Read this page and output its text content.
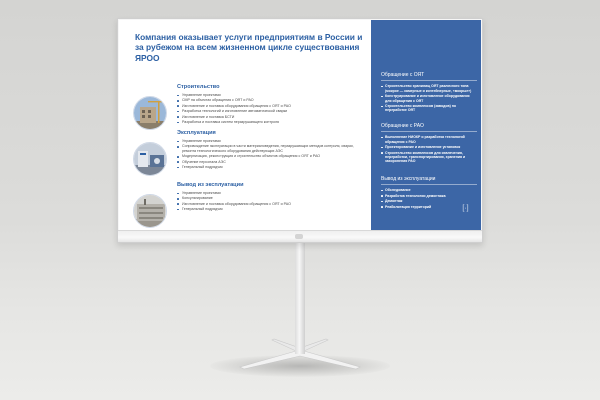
Компания оказывает услуги предприятиям в России и за рубежом на всем жизненном цикле существования ЯРОО
Строительство
Управление проектами
СМР на объектах обращения с ОЯТ и РАО
Изготовление и поставка оборудования обращения с ОЯТ и РАО
Разработка технологий и изготовление автоматической сварки
Изготовление и поставка БСТИ
Разработка и поставка систем неразрушающего контроля
Эксплуатация
Управление проектами
Сопровождение эксплуатации в части материаловедения, неразрушающих методов контроля, сварки, ремонта технологического оборудования действующих АЭС
Модернизация, реконструкция и строительство объектов обращения с ОЯТ и РАО
Обучение персонала АЭС
Генеральный подрядчик
Вывод из эксплуатации
Управление проектами
Консультирование
Изготовление и поставка оборудования обращения с ОЯТ и РАО
Генеральный подрядчик
Обращение с ОЯТ
Строительство хранилищ ОЯТ различного типа (мокрое — камерные и контейнерные, «мокрые»)
Конструирование и изготовление оборудования для обращения с ОЯТ
Строительство комплексов (заводов) по переработке ОЯТ
Обращение с РАО
Выполнение НИОКР и разработка технологий обращения с РАО
Проектирование и изготовление установок
Строительство комплексов для извлечения, переработки, транспортирования, хранения и захоронения РАО
Вывод из эксплуатации
Обследование
Разработка технологии демонтажа
Демонтаж
Реабилитация территорий	[·]
